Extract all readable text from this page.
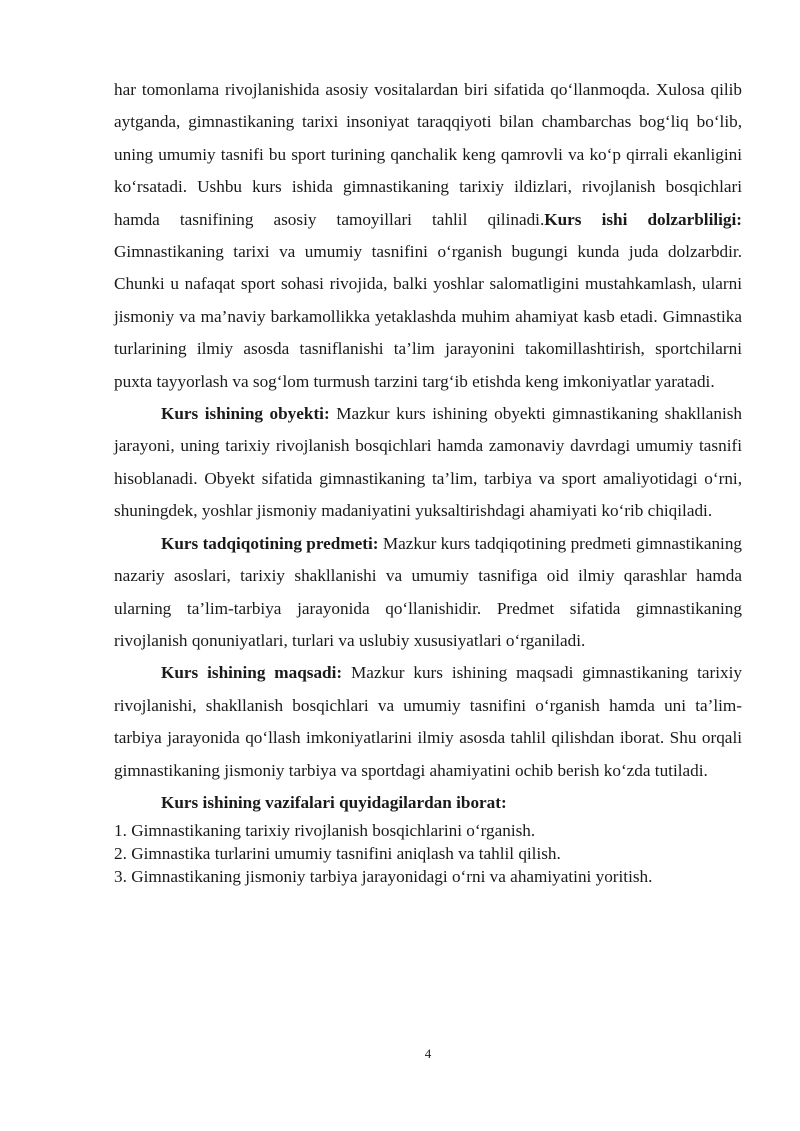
har tomonlama rivojlanishida asosiy vositalardan biri sifatida qo‘llanmoqda. Xulosa qilib aytganda, gimnastikaning tarixi insoniyat taraqqiyoti bilan chambarchas bog‘liq bo‘lib, uning umumiy tasnifi bu sport turining qanchalik keng qamrovli va ko‘p qirrali ekanligini ko‘rsatadi. Ushbu kurs ishida gimnastikaning tarixiy ildizlari, rivojlanish bosqichlari hamda tasnifining asosiy tamoyillari tahlil qilinadi.Kurs ishi dolzarbliligi: Gimnastikaning tarixi va umumiy tasnifini o‘rganish bugungi kunda juda dolzarbdir. Chunki u nafaqat sport sohasi rivojida, balki yoshlar salomatligini mustahkamlash, ularni jismoniy va ma’naviy barkamollikka yetaklashda muhim ahamiyat kasb etadi. Gimnastika turlarining ilmiy asosda tasniflanishi ta’lim jarayonini takomillashtirish, sportchilarni puxta tayyorlash va sog‘lom turmush tarzini targ‘ib etishda keng imkoniyatlar yaratadi.

Kurs ishining obyekti: Mazkur kurs ishining obyekti gimnastikaning shakllanish jarayoni, uning tarixiy rivojlanish bosqichlari hamda zamonaviy davrdagi umumiy tasnifi hisoblanadi. Obyekt sifatida gimnastikaning ta’lim, tarbiya va sport amaliyotidagi o‘rni, shuningdek, yoshlar jismoniy madaniyatini yuksaltirishdagi ahamiyati ko‘rib chiqiladi.

Kurs tadqiqotining predmeti: Mazkur kurs tadqiqotining predmeti gimnastikaning nazariy asoslari, tarixiy shakllanishi va umumiy tasnifiga oid ilmiy qarashlar hamda ularning ta’lim-tarbiya jarayonida qo‘llanishidir. Predmet sifatida gimnastikaning rivojlanish qonuniyatlari, turlari va uslubiy xususiyatlari o‘rganiladi.

Kurs ishining maqsadi: Mazkur kurs ishining maqsadi gimnastikaning tarixiy rivojlanishi, shakllanish bosqichlari va umumiy tasnifini o‘rganish hamda uni ta’lim-tarbiya jarayonida qo‘llash imkoniyatlarini ilmiy asosda tahlil qilishdan iborat. Shu orqali gimnastikaning jismoniy tarbiya va sportdagi ahamiyatini ochib berish ko‘zda tutiladi.

Kurs ishining vazifalari quyidagilardan iborat:

1. Gimnastikaning tarixiy rivojlanish bosqichlarini o‘rganish.
2. Gimnastika turlarini umumiy tasnifini aniqlash va tahlil qilish.
3. Gimnastikaning jismoniy tarbiya jarayonidagi o‘rni va ahamiyatini yoritish.
4
